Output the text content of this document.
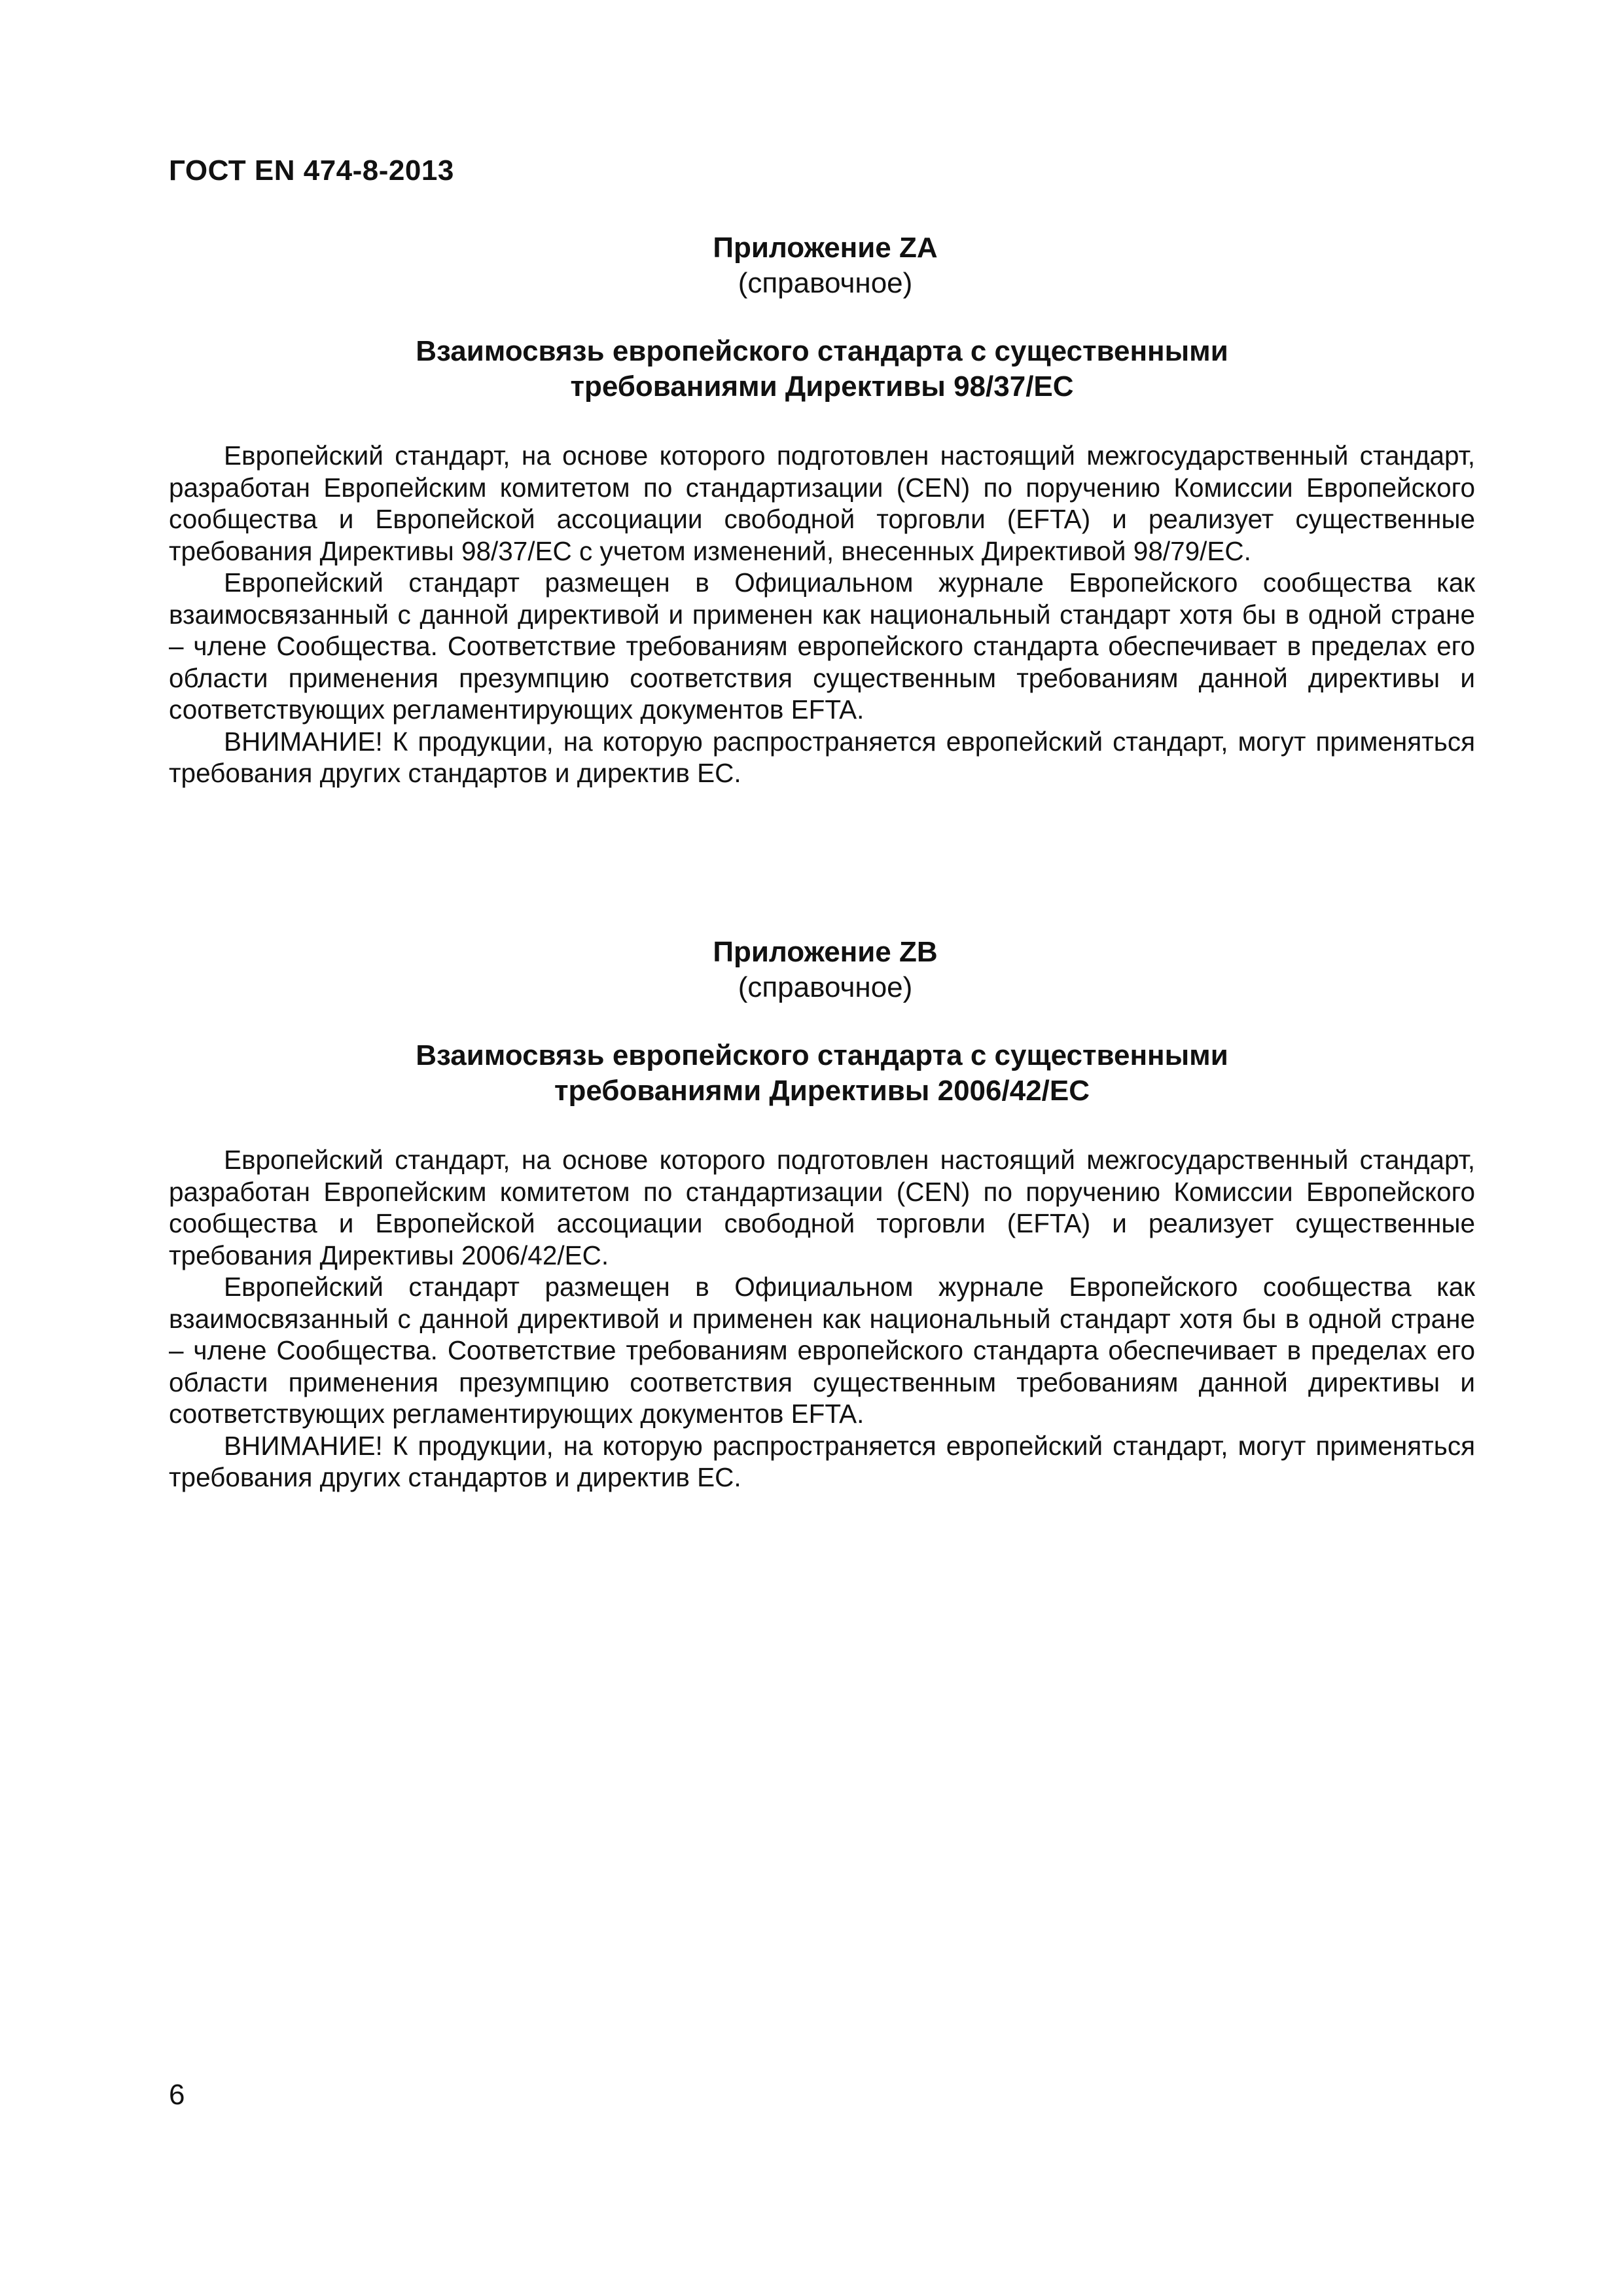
ГОСТ EN 474-8-2013
Приложение ZA
(справочное)
Взаимосвязь европейского стандарта с существенными
требованиями Директивы 98/37/ЕС

Европейский стандарт, на основе которого подготовлен настоящий межгосударственный стандарт, разработан Европейским комитетом по стандартизации (CEN) по поручению Комиссии Европейского сообщества и Европейской ассоциации свободной торговли (EFTA) и реализует существенные требования Директивы 98/37/ЕС с учетом изменений, внесенных Директивой 98/79/ЕС.

Европейский стандарт размещен в Официальном журнале Европейского сообщества как взаимосвязанный с данной директивой и применен как национальный стандарт хотя бы в одной стране – члене Сообщества. Соответствие требованиям европейского стандарта обеспечивает в пределах его области применения презумпцию соответствия существенным требованиям данной директивы и соответствующих регламентирующих документов EFTA.

ВНИМАНИЕ! К продукции, на которую распространяется европейский стандарт, могут применяться требования других стандартов и директив ЕС.

Приложение ZB
(справочное)
Взаимосвязь европейского стандарта с существенными
требованиями Директивы 2006/42/ЕС

Европейский стандарт, на основе которого подготовлен настоящий межгосударственный стандарт, разработан Европейским комитетом по стандартизации (CEN) по поручению Комиссии Европейского сообщества и Европейской ассоциации свободной торговли (EFTA) и реализует существенные требования Директивы 2006/42/ЕС.

Европейский стандарт размещен в Официальном журнале Европейского сообщества как взаимосвязанный с данной директивой и применен как национальный стандарт хотя бы в одной стране – члене Сообщества. Соответствие требованиям европейского стандарта обеспечивает в пределах его области применения презумпцию соответствия существенным требованиям данной директивы и соответствующих регламентирующих документов EFTA.

ВНИМАНИЕ! К продукции, на которую распространяется европейский стандарт, могут применяться требования других стандартов и директив ЕС.

6
